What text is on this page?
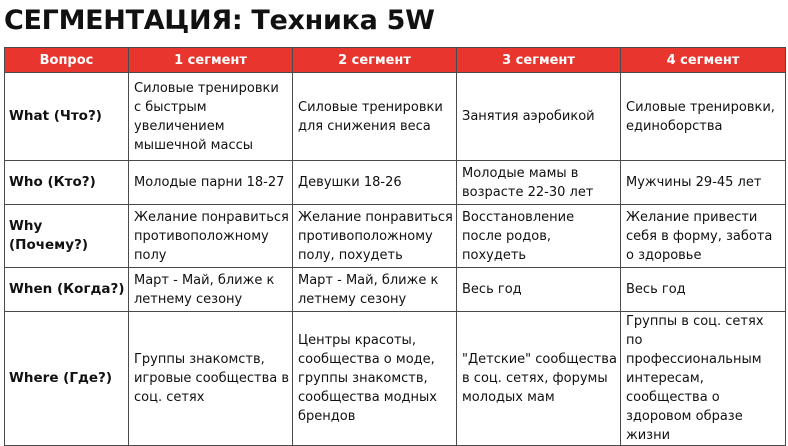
СЕГМЕНТАЦИЯ: Техника 5W
Вопрос	1 сегмент	2 сегмент	3 сегмент	4 сегмент
What (Что?)	Силовые тренировки с быстрым увеличением мышечной массы	Силовые тренировки для снижения веса	Занятия аэробикой	Силовые тренировки, единоборства
Who (Кто?)	Молодые парни 18-27	Девушки 18-26	Молодые мамы в возрасте 22-30 лет	Мужчины 29-45 лет
Why (Почему?)	Желание понравиться противоположному полу	Желание понравиться противоположному полу, похудеть	Восстановление после родов, похудеть	Желание привести себя в форму, забота о здоровье
When (Когда?)	Март - Май, ближе к летнему сезону	Март - Май, ближе к летнему сезону	Весь год	Весь год
Where (Где?)	Группы знакомств, игровые сообщества в соц. сетях	Центры красоты, сообщества о моде, группы знакомств, сообщества модных брендов	"Детские" сообщества в соц. сетях, форумы молодых мам	Группы в соц. сетях по профессиональным интересам, сообщества о здоровом образе жизни
